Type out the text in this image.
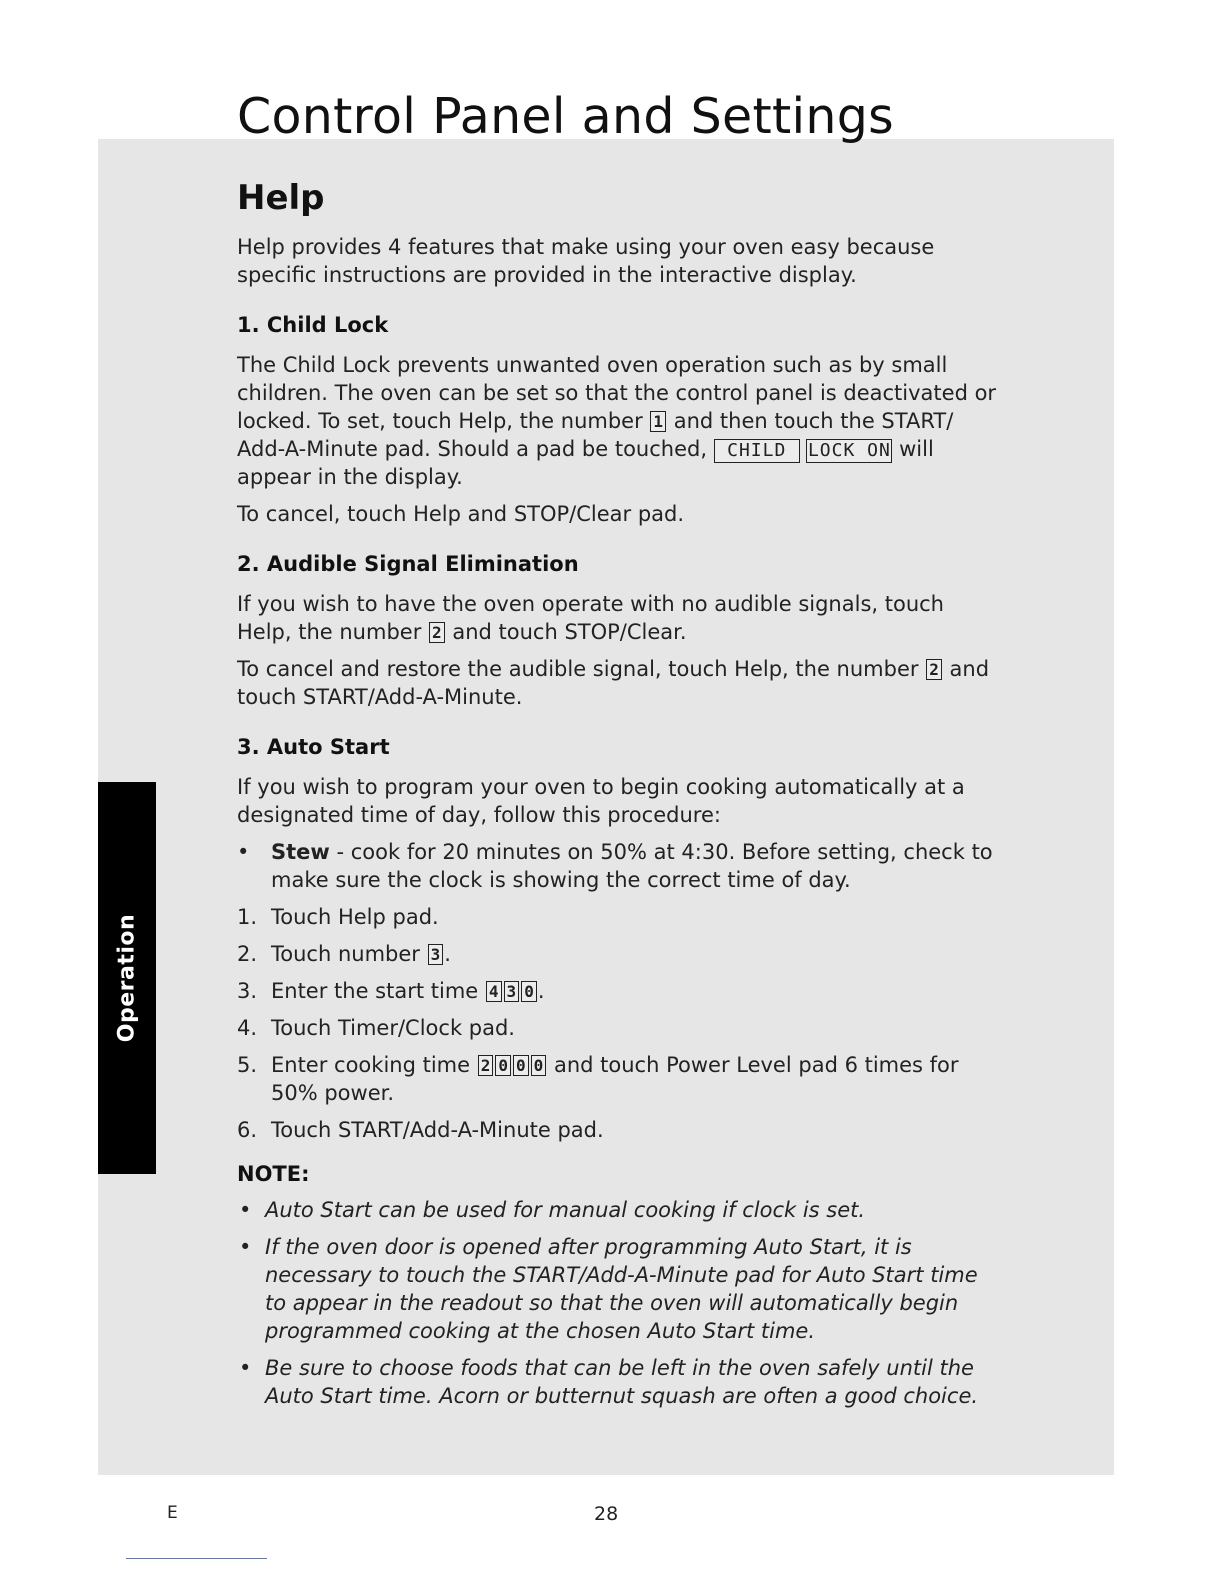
Operation
Control Panel and Settings
Help

Help provides 4 features that make using your oven easy because specific instructions are provided in the interactive display.

1. Child Lock

The Child Lock prevents unwanted oven operation such as by small children. The oven can be set so that the control panel is deactivated or locked. To set, touch Help, the number 1 and then touch the START/ Add-A-Minute pad. Should a pad be touched, CHILD LOCK ON will appear in the display.

To cancel, touch Help and STOP/Clear pad.

2. Audible Signal Elimination

If you wish to have the oven operate with no audible signals, touch Help, the number 2 and touch STOP/Clear.

To cancel and restore the audible signal, touch Help, the number 2 and touch START/Add-A-Minute.

3. Auto Start

If you wish to program your oven to begin cooking automatically at a designated time of day, follow this procedure:

• Stew - cook for 20 minutes on 50% at 4:30. Before setting, check to make sure the clock is showing the correct time of day.
1. Touch Help pad.
2. Touch number 3 .
3. Enter the start time 4 3 0 .
4. Touch Timer/Clock pad.
5. Enter cooking time 2 0 0 0 and touch Power Level pad 6 times for 50% power.
6. Touch START/Add-A-Minute pad.
NOTE:
• Auto Start can be used for manual cooking if clock is set.
• If the oven door is opened after programming Auto Start, it is necessary to touch the START/Add-A-Minute pad for Auto Start time to appear in the readout so that the oven will automatically begin programmed cooking at the chosen Auto Start time.
• Be sure to choose foods that can be left in the oven safely until the Auto Start time. Acorn or butternut squash are often a good choice.
E	28
